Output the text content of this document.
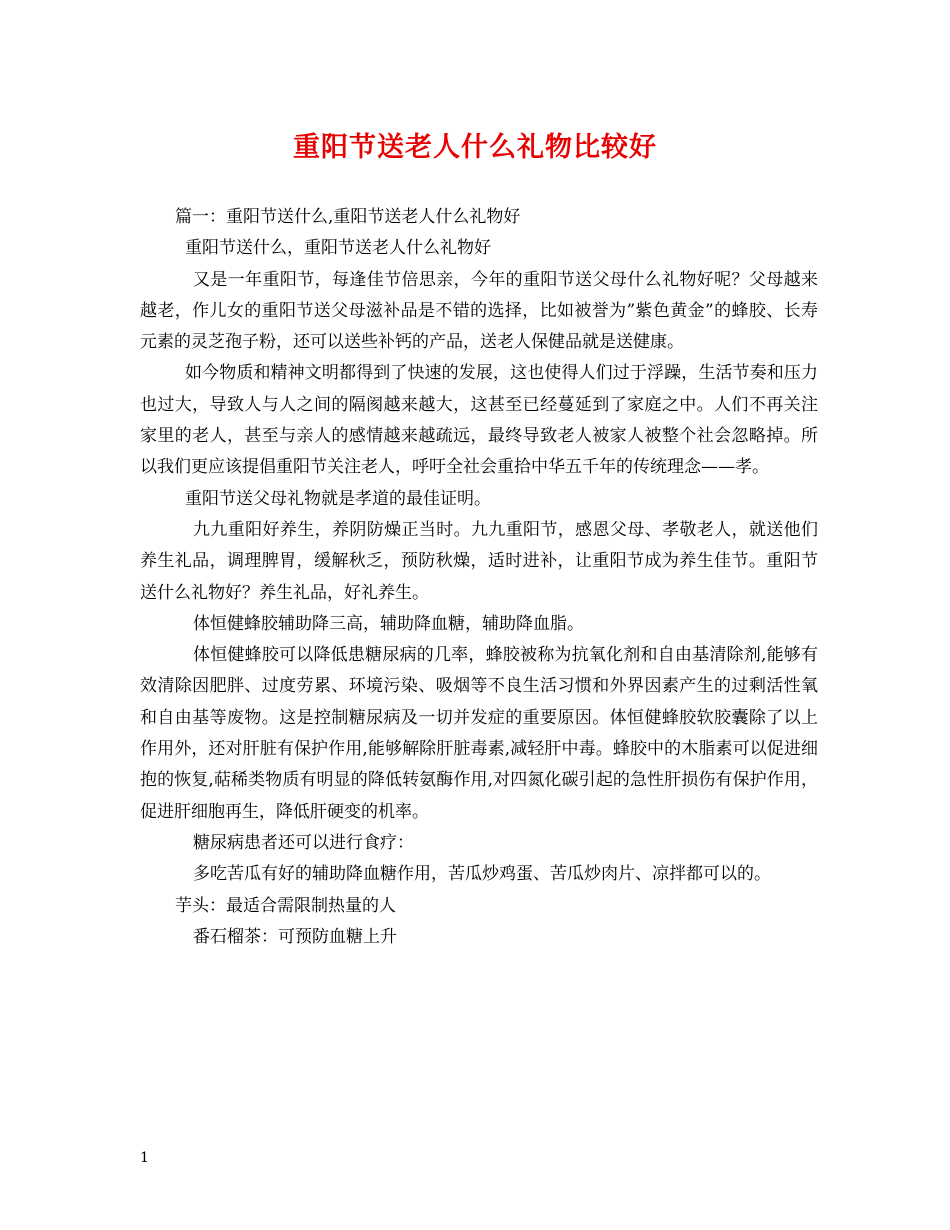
重阳节送老人什么礼物比较好

篇一：重阳节送什么,重阳节送老人什么礼物好

重阳节送什么，重阳节送老人什么礼物好

又是一年重阳节，每逢佳节倍思亲，今年的重阳节送父母什么礼物好呢？父母越来越老，作儿女的重阳节送父母滋补品是不错的选择，比如被誉为”紫色黄金”的蜂胶、长寿元素的灵芝孢子粉，还可以送些补钙的产品，送老人保健品就是送健康。

如今物质和精神文明都得到了快速的发展，这也使得人们过于浮躁，生活节奏和压力也过大，导致人与人之间的隔阂越来越大，这甚至已经蔓延到了家庭之中。人们不再关注家里的老人，甚至与亲人的感情越来越疏远，最终导致老人被家人被整个社会忽略掉。所以我们更应该提倡重阳节关注老人，呼吁全社会重拾中华五千年的传统理念——孝。

重阳节送父母礼物就是孝道的最佳证明。

九九重阳好养生，养阴防燥正当时。九九重阳节，感恩父母、孝敬老人，就送他们养生礼品，调理脾胃，缓解秋乏，预防秋燥，适时进补，让重阳节成为养生佳节。重阳节送什么礼物好？养生礼品，好礼养生。

体恒健蜂胶辅助降三高，辅助降血糖，辅助降血脂。

体恒健蜂胶可以降低患糖尿病的几率，蜂胶被称为抗氧化剂和自由基清除剂,能够有效清除因肥胖、过度劳累、环境污染、吸烟等不良生活习惯和外界因素产生的过剩活性氧和自由基等废物。这是控制糖尿病及一切并发症的重要原因。体恒健蜂胶软胶囊除了以上作用外，还对肝脏有保护作用,能够解除肝脏毒素,减轻肝中毒。蜂胶中的木脂素可以促进细抱的恢复,萜稀类物质有明显的降低转氨酶作用,对四氮化碳引起的急性肝损伤有保护作用，促进肝细胞再生，降低肝硬变的机率。

糖尿病患者还可以进行食疗：

多吃苦瓜有好的辅助降血糖作用，苦瓜炒鸡蛋、苦瓜炒肉片、凉拌都可以的。

芋头：最适合需限制热量的人

番石榴茶：可预防血糖上升

1
